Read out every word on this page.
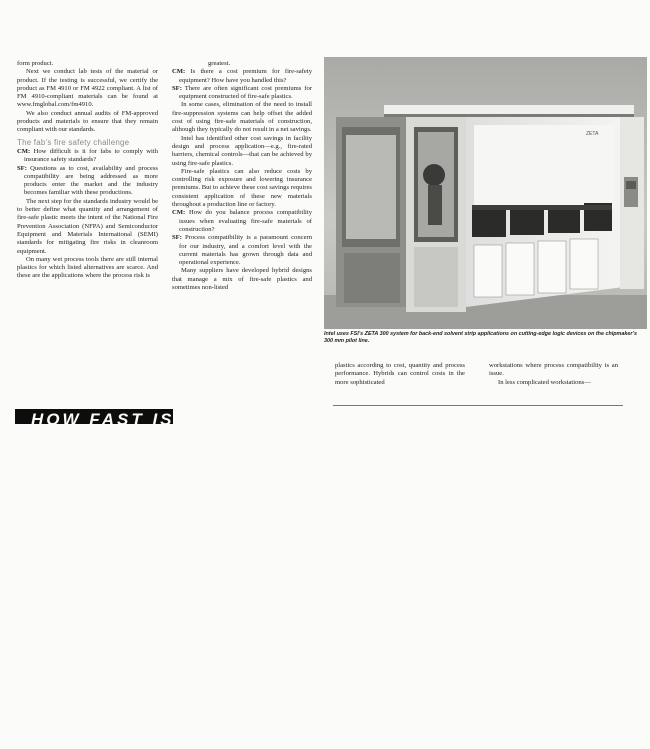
form product.

Next we conduct lab tests of the material or product. If the testing is successful, we certify the product as FM 4910 or FM 4922 compliant. A list of FM 4910-compliant materials can be found at www.fmglobal.com/fm4910.

We also conduct annual audits of FM-approved products and materials to ensure that they remain compliant with our standards.

The fab’s fire safety challenge

CM: How difficult is it for fabs to comply with insurance safety standards?

SF: Questions as to cost, availability and process compatibility are being addressed as more products enter the market and the industry becomes familiar with these productions.

The next step for the standards industry would be to better define what quantity and arrangement of fire-safe plastic meets the intent of the National Fire Prevention Association (NFPA) and Semiconductor Equipment and Materials International (SEMI) standards for mitigating fire risks in cleanroom equipment.

On many wet process tools there are still internal plastics for which listed alternatives are scarce. And these are the applications where the process risk is

greatest.

CM: Is there a cost premium for fire-safety equipment? How have you handled this?

SF: There are often significant cost premiums for equipment constructed of fire-safe plastics.

In some cases, elimination of the need to install fire-suppression systems can help offset the added cost of using fire-safe materials of construction, although they typically do not result in a net savings.

Intel has identified other cost savings in facility design and process application—e.g., fire-rated barriers, chemical controls—that can be achieved by using fire-safe plastics.

Fire-safe plastics can also reduce costs by controlling risk exposure and lowering insurance premiums. But to achieve these cost savings requires consistent application of these new materials throughout a production line or factory.

CM: How do you balance process compatibility issues when evaluating fire-safe materials of construction?

SF: Process compatibility is a paramount concern for our industry, and a comfort level with the current materials has grown through data and operational experience.

Many suppliers have developed hybrid designs that manage a mix of fire-safe plastics and sometimes non-listed

ZETA
Intel uses FSI’s ZETA 300 system for back-end solvent strip applications on cutting-edge logic devices on the chipmaker’s 300 mm pilot line.

plastics according to cost, quantity and process performance. Hybrids can control costs in the more sophisticated

workstations where process compatibility is an issue.

In less complicated workstations—

HOW FAST IS T
